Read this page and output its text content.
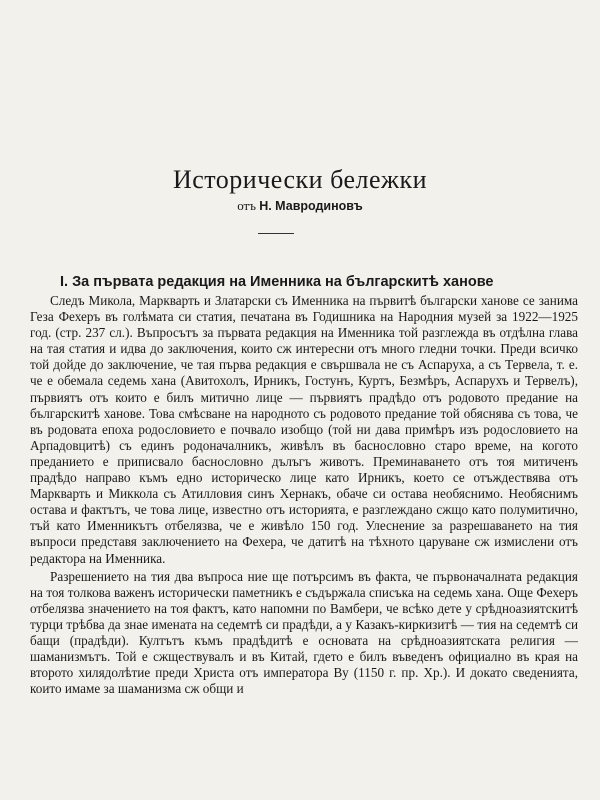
Исторически бележки
отъ Н. Мавродиновъ
I. За първата редакция на Именника на българскитѣ ханове

Следъ Микола, Маркварть и Златарски съ Именника на първитѣ български ханове се занима Геза Фехеръ въ голѣмата си статия, печатана въ Годишника на Народния музей за 1922—1925 год. (стр. 237 сл.). Въпросътъ за първата редакция на Именника той разглежда въ отдѣлна глава на тая статия и идва до заключения, които сж интересни отъ много гледни точки. Преди всичко той дойде до заключение, че тая първа редакция е свършвала не съ Аспаруха, а съ Тервела, т. е. че е обемала седемь хана (Авитохолъ, Ирникъ, Гостунъ, Куртъ, Безмѣръ, Аспарухъ и Тервелъ), първиятъ отъ които е билъ митично лице — първиятъ прадѣдо отъ родовото предание на българскитѣ ханове. Това смѣсване на народното съ родовото предание той обяснява съ това, че въ родовата епоха родословието е почвало изобщо (той ни дава примѣръ изъ родословието на Арпадовцитѣ) съ единъ родоначалникъ, живѣлъ въ баснословно старо време, на когото преданието е приписвало баснословно дълъгъ животъ. Преминаването отъ тоя митиченъ прадѣдо направо къмъ едно историческо лице като Ирникъ, което се отъждествява отъ Маркварть и Миккола съ Атилловия синъ Хернакъ, обаче си остава необяснимо. Необяснимъ остава и фактътъ, че това лице, известно отъ историята, е разглеждано сжщо като полумитично, тъй като Именникътъ отбелязва, че е живѣло 150 год. Улеснение за разрешаването на тия въпроси представя заключението на Фехера, че датитѣ на тѣхното царуване сж измислени отъ редактора на Именника.

Разрешението на тия два въпроса ние ще потърсимъ въ факта, че първоначалната редакция на тоя толкова важенъ исторически паметникъ е съдържала списъка на седемь хана. Още Фехеръ отбелязва значението на тоя фактъ, като напомни по Вамбери, че всѣко дете у срѣдноазиятскитѣ турци трѣбва да знае имената на седемтѣ си прадѣди, а у Казакъ-киркизитѣ — тия на седемтѣ си бащи (прадѣди). Култътъ къмъ прадѣдитѣ е основата на срѣдноазиятската религия — шаманизмътъ. Той е сжществувалъ и въ Китай, гдето е билъ въведенъ официално въ края на второто хилядолѣтие преди Христа отъ императора Ву (1150 г. пр. Хр.). И докато сведенията, които имаме за шаманизма сж общи и
